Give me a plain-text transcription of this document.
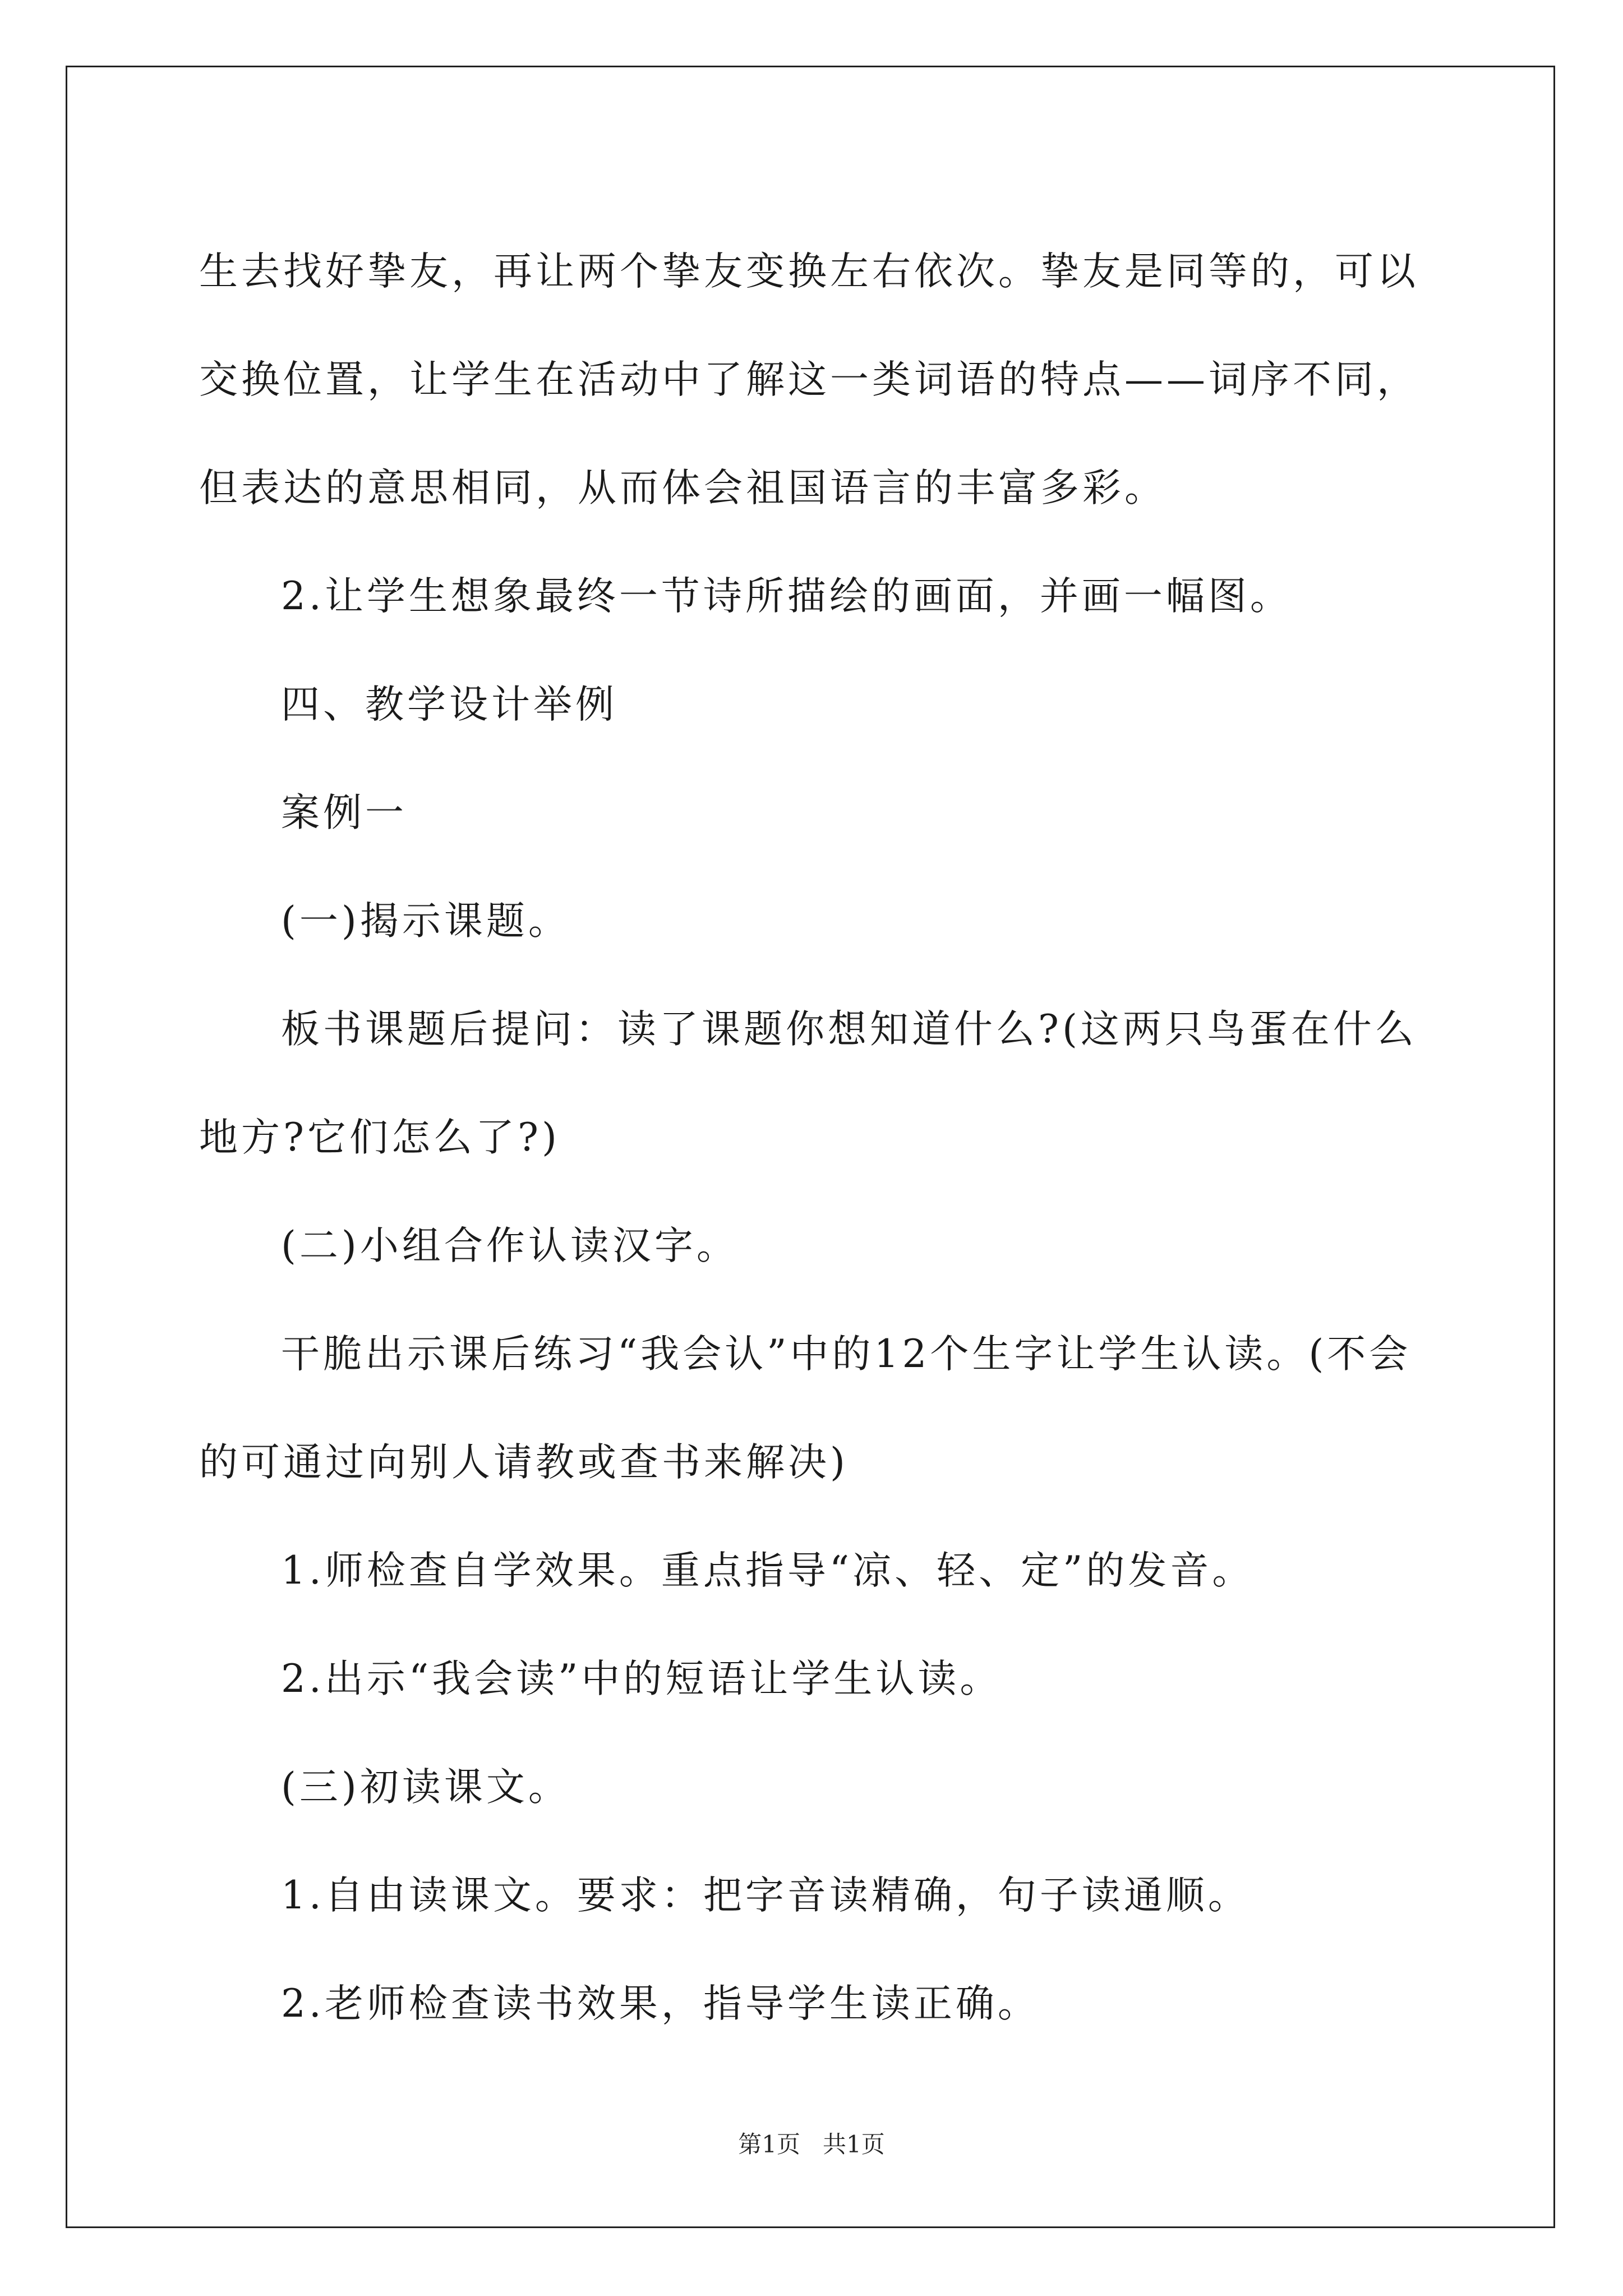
生去找好挚友，再让两个挚友变换左右依次。挚友是同等的，可以交换位置，让学生在活动中了解这一类词语的特点——词序不同，但表达的意思相同，从而体会祖国语言的丰富多彩。

2.让学生想象最终一节诗所描绘的画面，并画一幅图。

四、教学设计举例

案例一

(一)揭示课题。

板书课题后提问：读了课题你想知道什么?(这两只鸟蛋在什么地方?它们怎么了?)

(二)小组合作认读汉字。

干脆出示课后练习“我会认”中的12个生字让学生认读。(不会的可通过向别人请教或查书来解决)

1.师检查自学效果。重点指导“凉、轻、定”的发音。

2.出示“我会读”中的短语让学生认读。

(三)初读课文。

1.自由读课文。要求：把字音读精确，句子读通顺。

2.老师检查读书效果，指导学生读正确。

第1页 共1页
